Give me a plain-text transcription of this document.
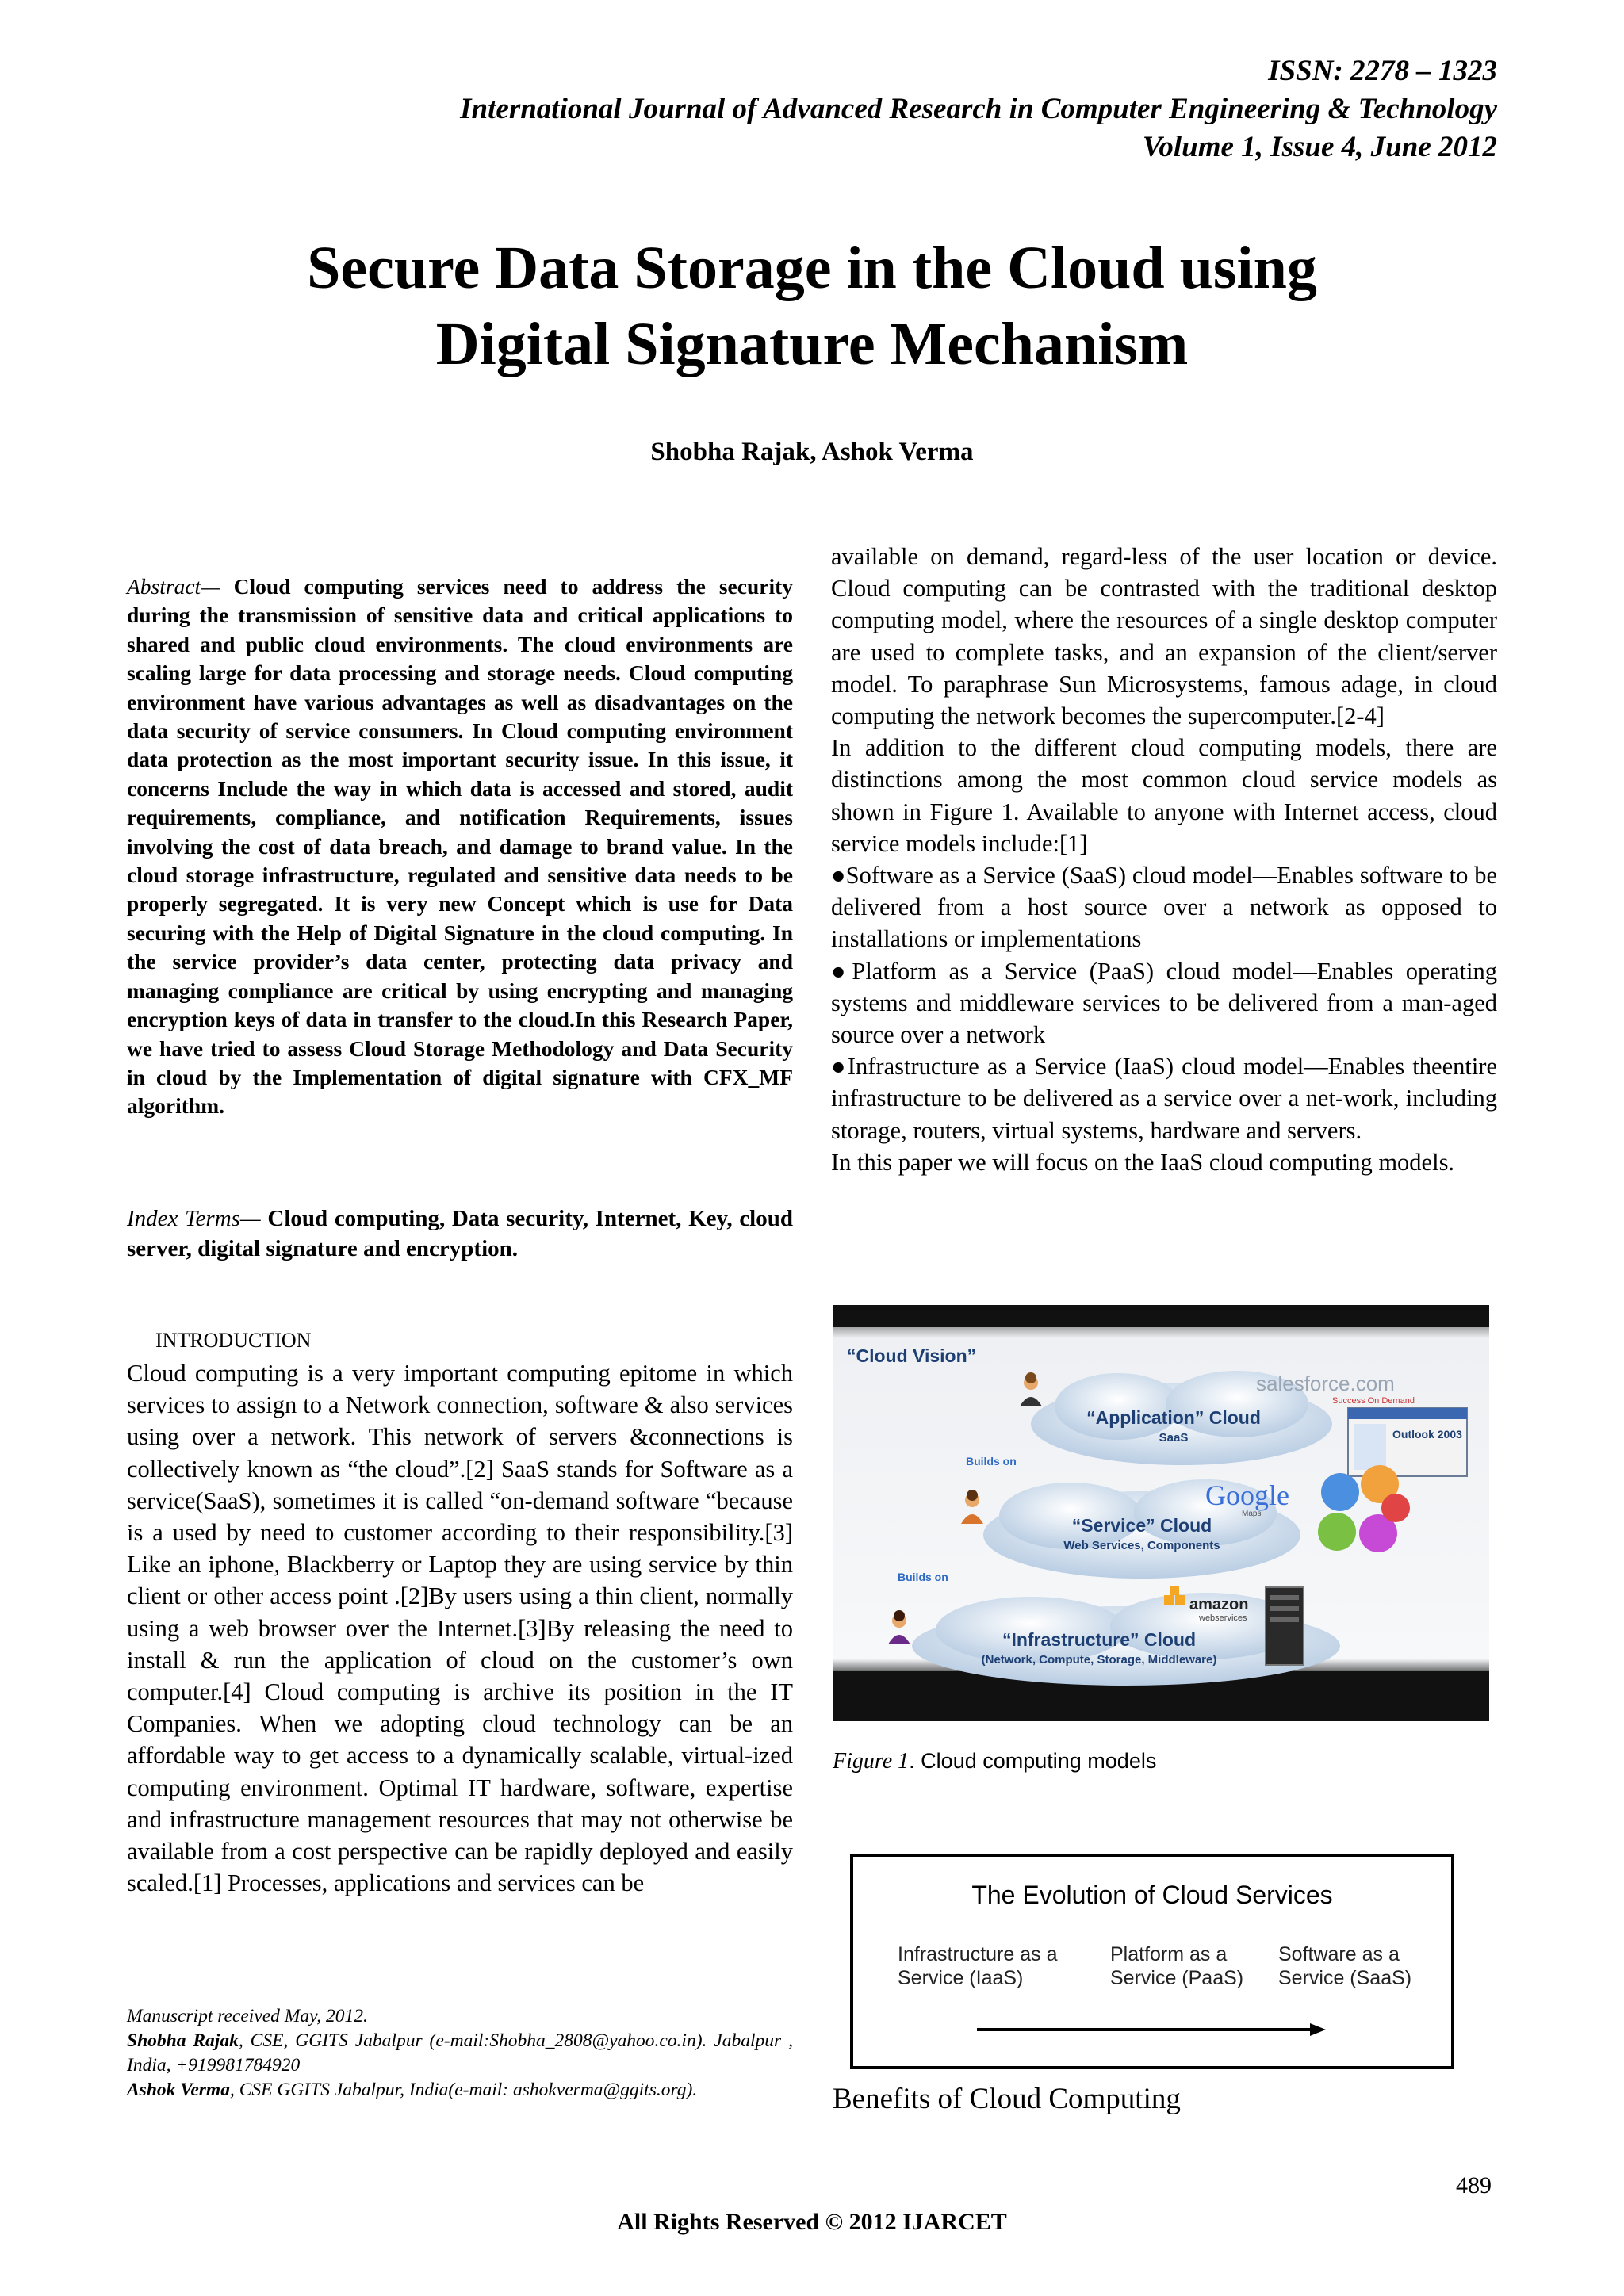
ISSN: 2278 – 1323
International Journal of Advanced Research in Computer Engineering & Technology
Volume 1, Issue 4, June 2012
Secure Data Storage in the Cloud using
Digital Signature Mechanism
Shobha Rajak, Ashok Verma
Abstract— Cloud computing services need to address the security during the transmission of sensitive data and critical applications to shared and public cloud environments. The cloud environments are scaling large for data processing and storage needs. Cloud computing environment have various advantages as well as disadvantages on the data security of service consumers. In Cloud computing environment data protection as the most important security issue. In this issue, it concerns Include the way in which data is accessed and stored, audit requirements, compliance, and notification Requirements, issues involving the cost of data breach, and damage to brand value. In the cloud storage infrastructure, regulated and sensitive data needs to be properly segregated. It is very new Concept which is use for Data securing with the Help of Digital Signature in the cloud computing. In the service provider’s data center, protecting data privacy and managing compliance are critical by using encrypting and managing encryption keys of data in transfer to the cloud.In this Research Paper, we have tried to assess Cloud Storage Methodology and Data Security in cloud by the Implementation of digital signature with CFX_MF algorithm.
Index Terms— Cloud computing, Data security, Internet, Key, cloud server, digital signature and encryption.
INTRODUCTION
Cloud computing is a very important computing epitome in which services to assign to a Network connection, software & also services using over a network. This network of servers &connections is collectively known as “the cloud”.[2] SaaS stands for Software as a service(SaaS), sometimes it is called “on-demand software “because is a used by need to customer according to their responsibility.[3] Like an iphone, Blackberry or Laptop they are using service by thin client or other access point .[2]By users using a thin client, normally using a web browser over the Internet.[3]By releasing the need to install & run the application of cloud on the customer’s own computer.[4] Cloud computing is archive its position in the IT Companies. When we adopting cloud technology can be an affordable way to get access to a dynamically scalable, virtual-ized computing environment. Optimal IT hardware, software, expertise and infrastructure management resources that may not otherwise be available from a cost perspective can be rapidly deployed and easily scaled.[1] Processes, applications and services can be
Manuscript received May, 2012.
Shobha Rajak, CSE, GGITS Jabalpur (e-mail:Shobha_2808@yahoo.co.in). Jabalpur , India, +919981784920
Ashok Verma, CSE GGITS Jabalpur, India(e-mail: ashokverma@ggits.org).

available on demand, regard-less of the user location or device. Cloud computing can be contrasted with the traditional desktop computing model, where the resources of a single desktop computer are used to complete tasks, and an expansion of the client/server model. To paraphrase Sun Microsystems, famous adage, in cloud computing the network becomes the supercomputer.[2-4]

In addition to the different cloud computing models, there are distinctions among the most common cloud service models as shown in Figure 1. Available to anyone with Internet access, cloud service models include:[1]

●Software as a Service (SaaS) cloud model—Enables software to be delivered from a host source over a network as opposed to installations or implementations

●Platform as a Service (PaaS) cloud model—Enables operating systems and middleware services to be delivered from a man-aged source over a network

●Infrastructure as a Service (IaaS) cloud model—Enables theentire infrastructure to be delivered as a service over a net-work, including storage, routers, virtual systems, hardware and servers.

In this paper we will focus on the IaaS cloud computing models.

“Cloud Vision”
“Application” Cloud
SaaS
salesforce.com
Success On Demand
Outlook 2003
Builds on
Builds on
“Service” Cloud
Web Services, Components
Google
Maps
“Infrastructure” Cloud
(Network, Compute, Storage, Middleware)
amazon
webservices
Figure 1. Cloud computing models
The Evolution of Cloud Services
Infrastructure as a Service (IaaS)
Platform as a Service (PaaS)
Software as a Service (SaaS)
Benefits of Cloud Computing
489
All Rights Reserved © 2012 IJARCET
